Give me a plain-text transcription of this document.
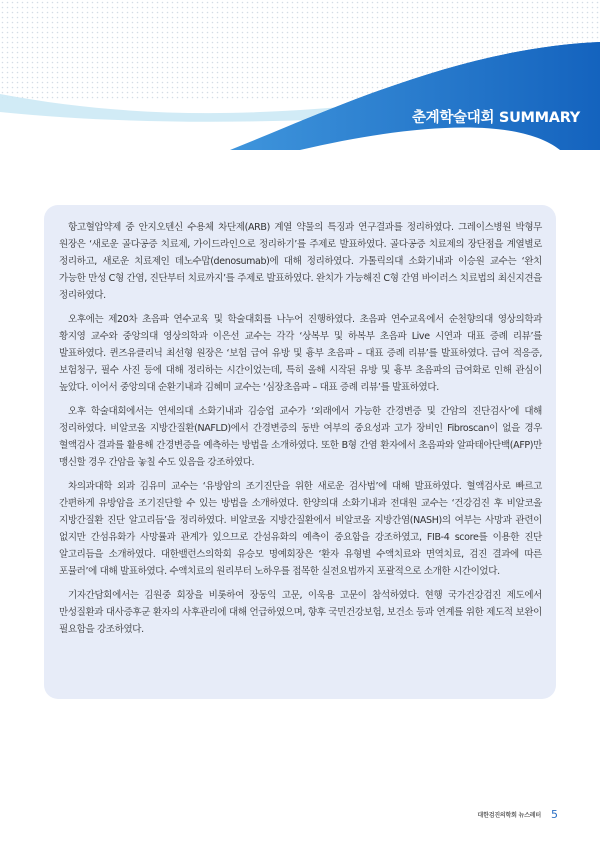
춘계학술대회 SUMMARY

항고혈압약제 중 안지오텐신 수용체 차단제(ARB) 계열 약물의 특징과 연구결과를 정리하였다. 그레이스병원 박형무 원장은 ‘새로운 골다공증 치료제, 가이드라인으로 정리하기’를 주제로 발표하였다. 골다공증 치료제의 장단점을 계열별로 정리하고, 새로운 치료제인 데노수맙(denosumab)에 대해 정리하였다. 가톨릭의대 소화기내과 이승원 교수는 ‘완치 가능한 만성 C형 간염, 진단부터 치료까지’를 주제로 발표하였다. 완치가 가능해진 C형 간염 바이러스 치료법의 최신지견을 정리하였다.

오후에는 제20차 초음파 연수교육 및 학술대회를 나누어 진행하였다. 초음파 연수교육에서 순천향의대 영상의학과 황지영 교수와 중앙의대 영상의학과 이은선 교수는 각각 ‘상복부 및 하복부 초음파 Live 시연과 대표 증례 리뷰’를 발표하였다. 퀸즈유클리닉 최선형 원장은 ‘보험 급여 유방 및 흉부 초음파 – 대표 증례 리뷰’를 발표하였다. 급여 적응증, 보험청구, 필수 사진 등에 대해 정리하는 시간이었는데, 특히 올해 시작된 유방 및 흉부 초음파의 급여화로 인해 관심이 높았다. 이어서 중앙의대 순환기내과 김혜미 교수는 ‘심장초음파 – 대표 증례 리뷰’를 발표하였다.

오후 학술대회에서는 연세의대 소화기내과 김승업 교수가 ‘외래에서 가능한 간경변증 및 간암의 진단검사’에 대해 정리하였다. 비알코올 지방간질환(NAFLD)에서 간경변증의 동반 여부의 중요성과 고가 장비인 Fibroscan이 없을 경우 혈액검사 결과를 활용해 간경변증을 예측하는 방법을 소개하였다. 또한 B형 간염 환자에서 초음파와 알파태아단백(AFP)만 맹신할 경우 간암을 놓칠 수도 있음을 강조하였다.

차의과대학 외과 김유미 교수는 ‘유방암의 조기진단을 위한 새로운 검사법’에 대해 발표하였다. 혈액검사로 빠르고 간편하게 유방암을 조기진단할 수 있는 방법을 소개하였다. 한양의대 소화기내과 전대원 교수는 ‘건강검진 후 비알코올 지방간질환 진단 알고리듬’을 정리하였다. 비알코올 지방간질환에서 비알코올 지방간염(NASH)의 여부는 사망과 관련이 없지만 간섬유화가 사망률과 관계가 있으므로 간섬유화의 예측이 중요함을 강조하였고, FIB-4 score를 이용한 진단 알고리듬을 소개하였다. 대한밸런스의학회 유승모 명예회장은 ‘환자 유형별 수액치료와 면역치료, 검진 결과에 따른 포뮬러’에 대해 발표하였다. 수액치료의 원리부터 노하우를 접목한 실전요법까지 포괄적으로 소개한 시간이었다.

기자간담회에서는 김원중 회장을 비롯하여 장동익 고문, 이욱용 고문이 참석하였다. 현행 국가건강검진 제도에서 만성질환과 대사증후군 환자의 사후관리에 대해 언급하였으며, 향후 국민건강보험, 보건소 등과 연계를 위한 제도적 보완이 필요함을 강조하였다.

대한검진의학회 뉴스레터 5
